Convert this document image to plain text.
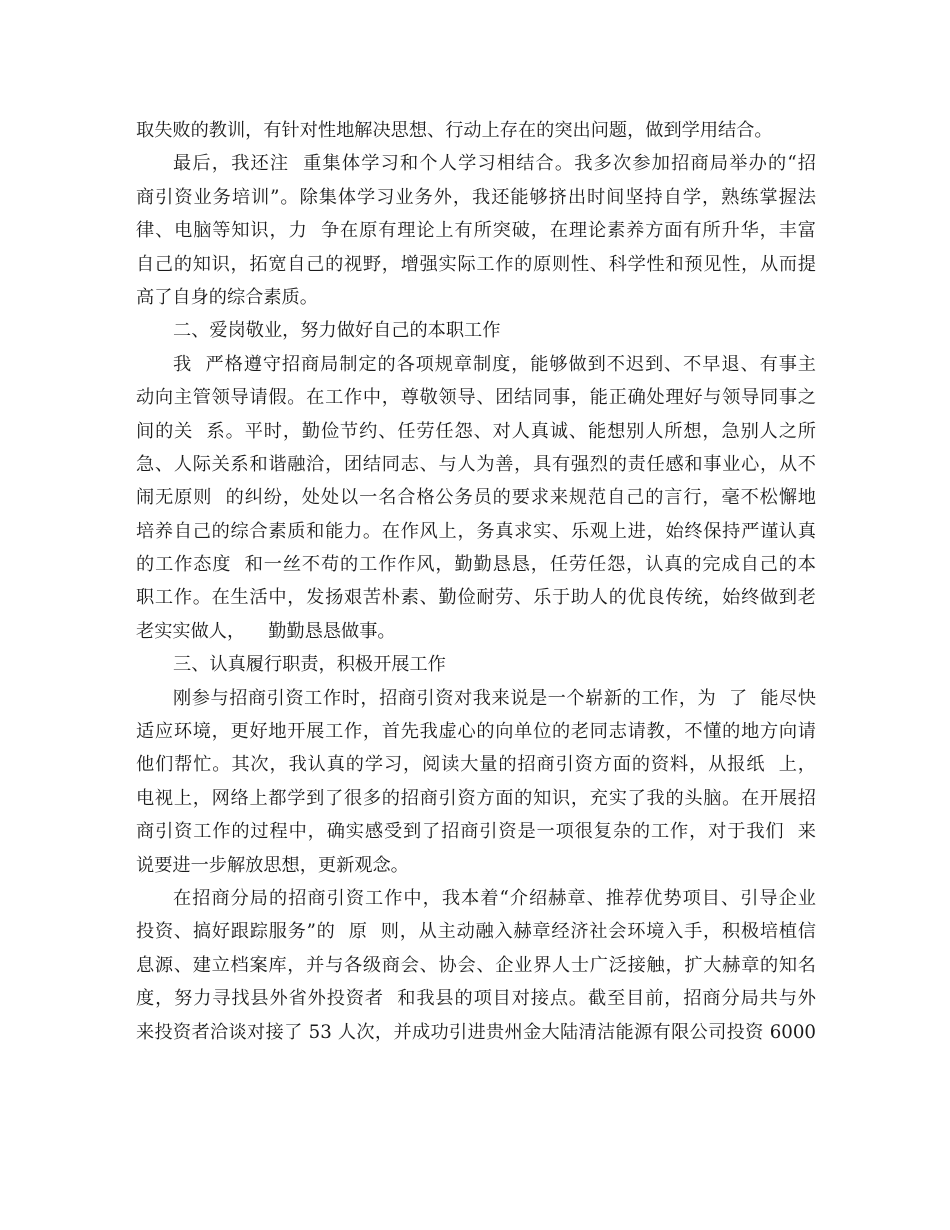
取失败的教训，有针对性地解决思想、行动上存在的突出问题，做到学用结合。
最后，我还注  重集体学习和个人学习相结合。我多次参加招商局举办的“招
商引资业务培训”。除集体学习业务外，我还能够挤出时间坚持自学，熟练掌握法
律、电脑等知识，力  争在原有理论上有所突破，在理论素养方面有所升华，丰富
自己的知识，拓宽自己的视野，增强实际工作的原则性、科学性和预见性，从而提
高了自身的综合素质。
二、爱岗敬业，努力做好自己的本职工作
我  严格遵守招商局制定的各项规章制度，能够做到不迟到、不早退、有事主
动向主管领导请假。在工作中，尊敬领导、团结同事，能正确处理好与领导同事之
间的关  系。平时，勤俭节约、任劳任怨、对人真诚、能想别人所想，急别人之所
急、人际关系和谐融洽，团结同志、与人为善，具有强烈的责任感和事业心，从不
闹无原则  的纠纷，处处以一名合格公务员的要求来规范自己的言行，毫不松懈地
培养自己的综合素质和能力。在作风上，务真求实、乐观上进，始终保持严谨认真
的工作态度  和一丝不苟的工作作风，勤勤恳恳，任劳任怨，认真的完成自己的本
职工作。在生活中，发扬艰苦朴素、勤俭耐劳、乐于助人的优良传统，始终做到老
老实实做人，    勤勤恳恳做事。
三、认真履行职责，积极开展工作
刚参与招商引资工作时，招商引资对我来说是一个崭新的工作，为  了  能尽快
适应环境，更好地开展工作，首先我虚心的向单位的老同志请教，不懂的地方向请
他们帮忙。其次，我认真的学习，阅读大量的招商引资方面的资料，从报纸  上，
电视上，网络上都学到了很多的招商引资方面的知识，充实了我的头脑。在开展招
商引资工作的过程中，确实感受到了招商引资是一项很复杂的工作，对于我们  来
说要进一步解放思想，更新观念。
在招商分局的招商引资工作中，我本着“介绍赫章、推荐优势项目、引导企业
投资、搞好跟踪服务”的  原  则，从主动融入赫章经济社会环境入手，积极培植信
息源、建立档案库，并与各级商会、协会、企业界人士广泛接触，扩大赫章的知名
度，努力寻找县外省外投资者  和我县的项目对接点。截至目前，招商分局共与外
来投资者洽谈对接了 53 人次，并成功引进贵州金大陆清洁能源有限公司投资 6000
